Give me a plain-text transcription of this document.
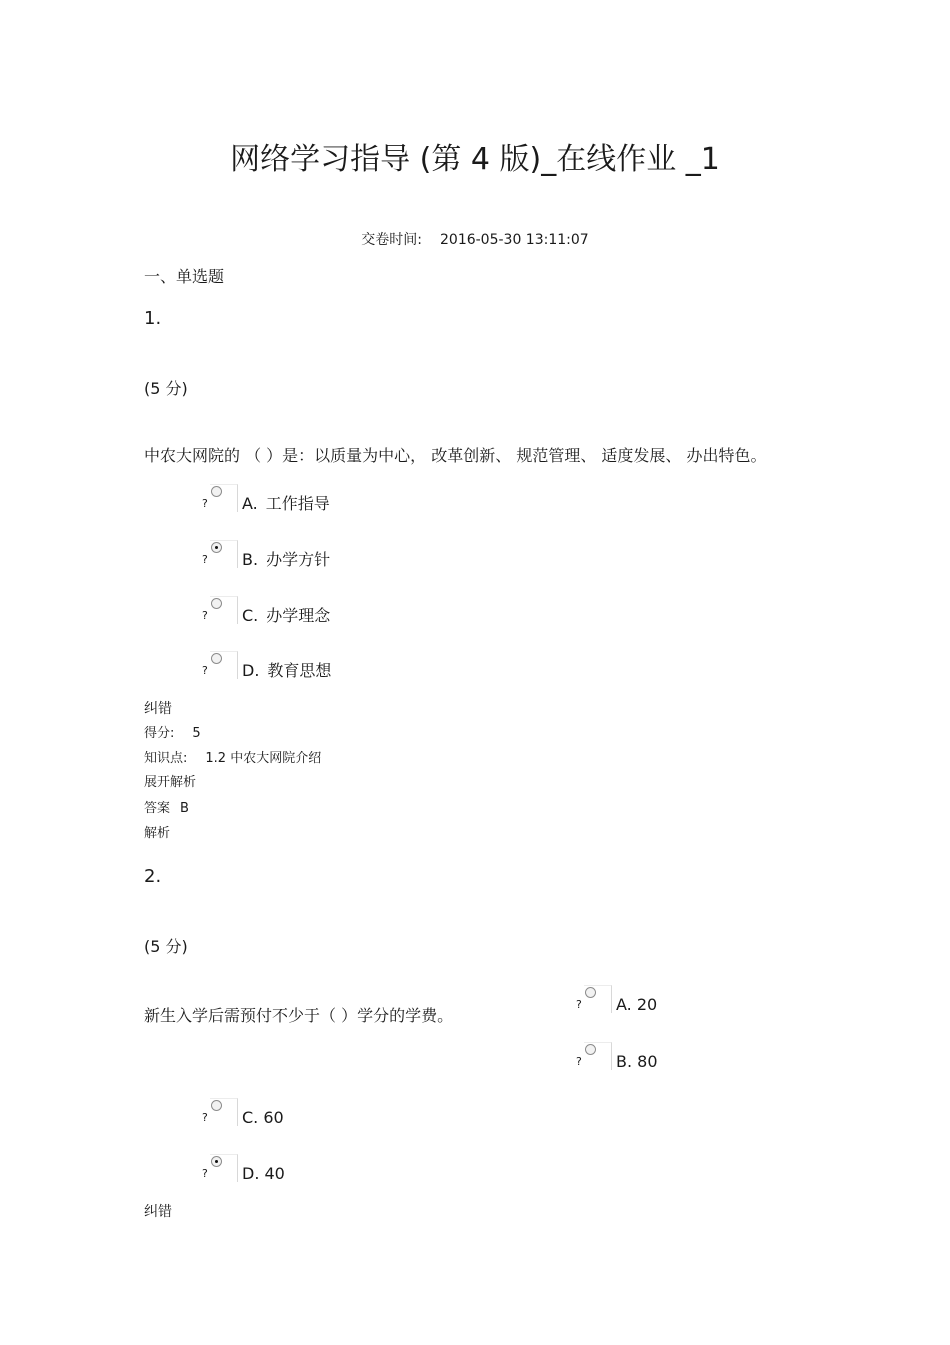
网络学习指导 (第 4 版)_在线作业 _1
交卷时间: 2016-05-30 13:11:07
一、单选题
1.
(5 分)
中农大网院的 （ ）是：以质量为中心， 改革创新、 规范管理、 适度发展、 办出特色。
? A. 工作指导
? B. 办学方针
? C. 办学理念
? D. 教育思想
纠错
得分: 5
知识点: 1.2 中农大网院介绍
展开解析
答案 B
解析
2.
(5 分)
新生入学后需预付不少于（ ）学分的学费。
? A. 20
? B. 80
? C. 60
? D. 40
纠错
